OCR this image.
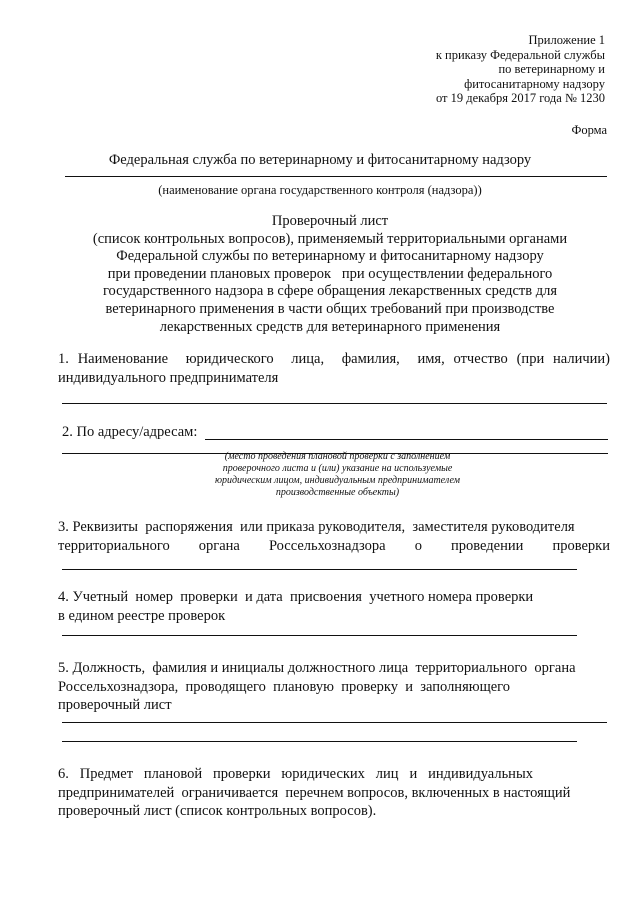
Приложение 1
к приказу Федеральной службы
по ветеринарному и
фитосанитарному надзору
от 19 декабря 2017 года № 1230
Форма
Федеральная служба по ветеринарному и фитосанитарному надзору
(наименование органа государственного контроля (надзора))
Проверочный лист
(список контрольных вопросов), применяемый территориальными органами
Федеральной службы по ветеринарному и фитосанитарному надзору
при проведении плановых проверок   при осуществлении федерального
государственного надзора в сфере обращения лекарственных средств для
ветеринарного применения в части общих требований при производстве
лекарственных средств для ветеринарного применения
1. Наименование  юридического  лица,  фамилия,  имя, отчество (при наличии)
индивидуального предпринимателя
2. По адресу/адресам:
(место проведения плановой проверки с заполнением
проверочного листа и (или) указание на используемые
юридическим лицом, индивидуальным предпринимателем
производственные объекты)
3. Реквизиты  распоряжения  или приказа руководителя,  заместителя руководителя
территориального органа Россельхознадзора о проведении проверки
4. Учетный  номер  проверки  и дата  присвоения  учетного номера проверки
в едином реестре проверок
5. Должность,  фамилия и инициалы должностного лица  территориального  органа
Россельхознадзора,  проводящего  плановую  проверку  и  заполняющего
проверочный лист
6.   Предмет   плановой   проверки   юридических   лиц   и   индивидуальных
предпринимателей  ограничивается  перечнем вопросов, включенных в настоящий
проверочный лист (список контрольных вопросов).
